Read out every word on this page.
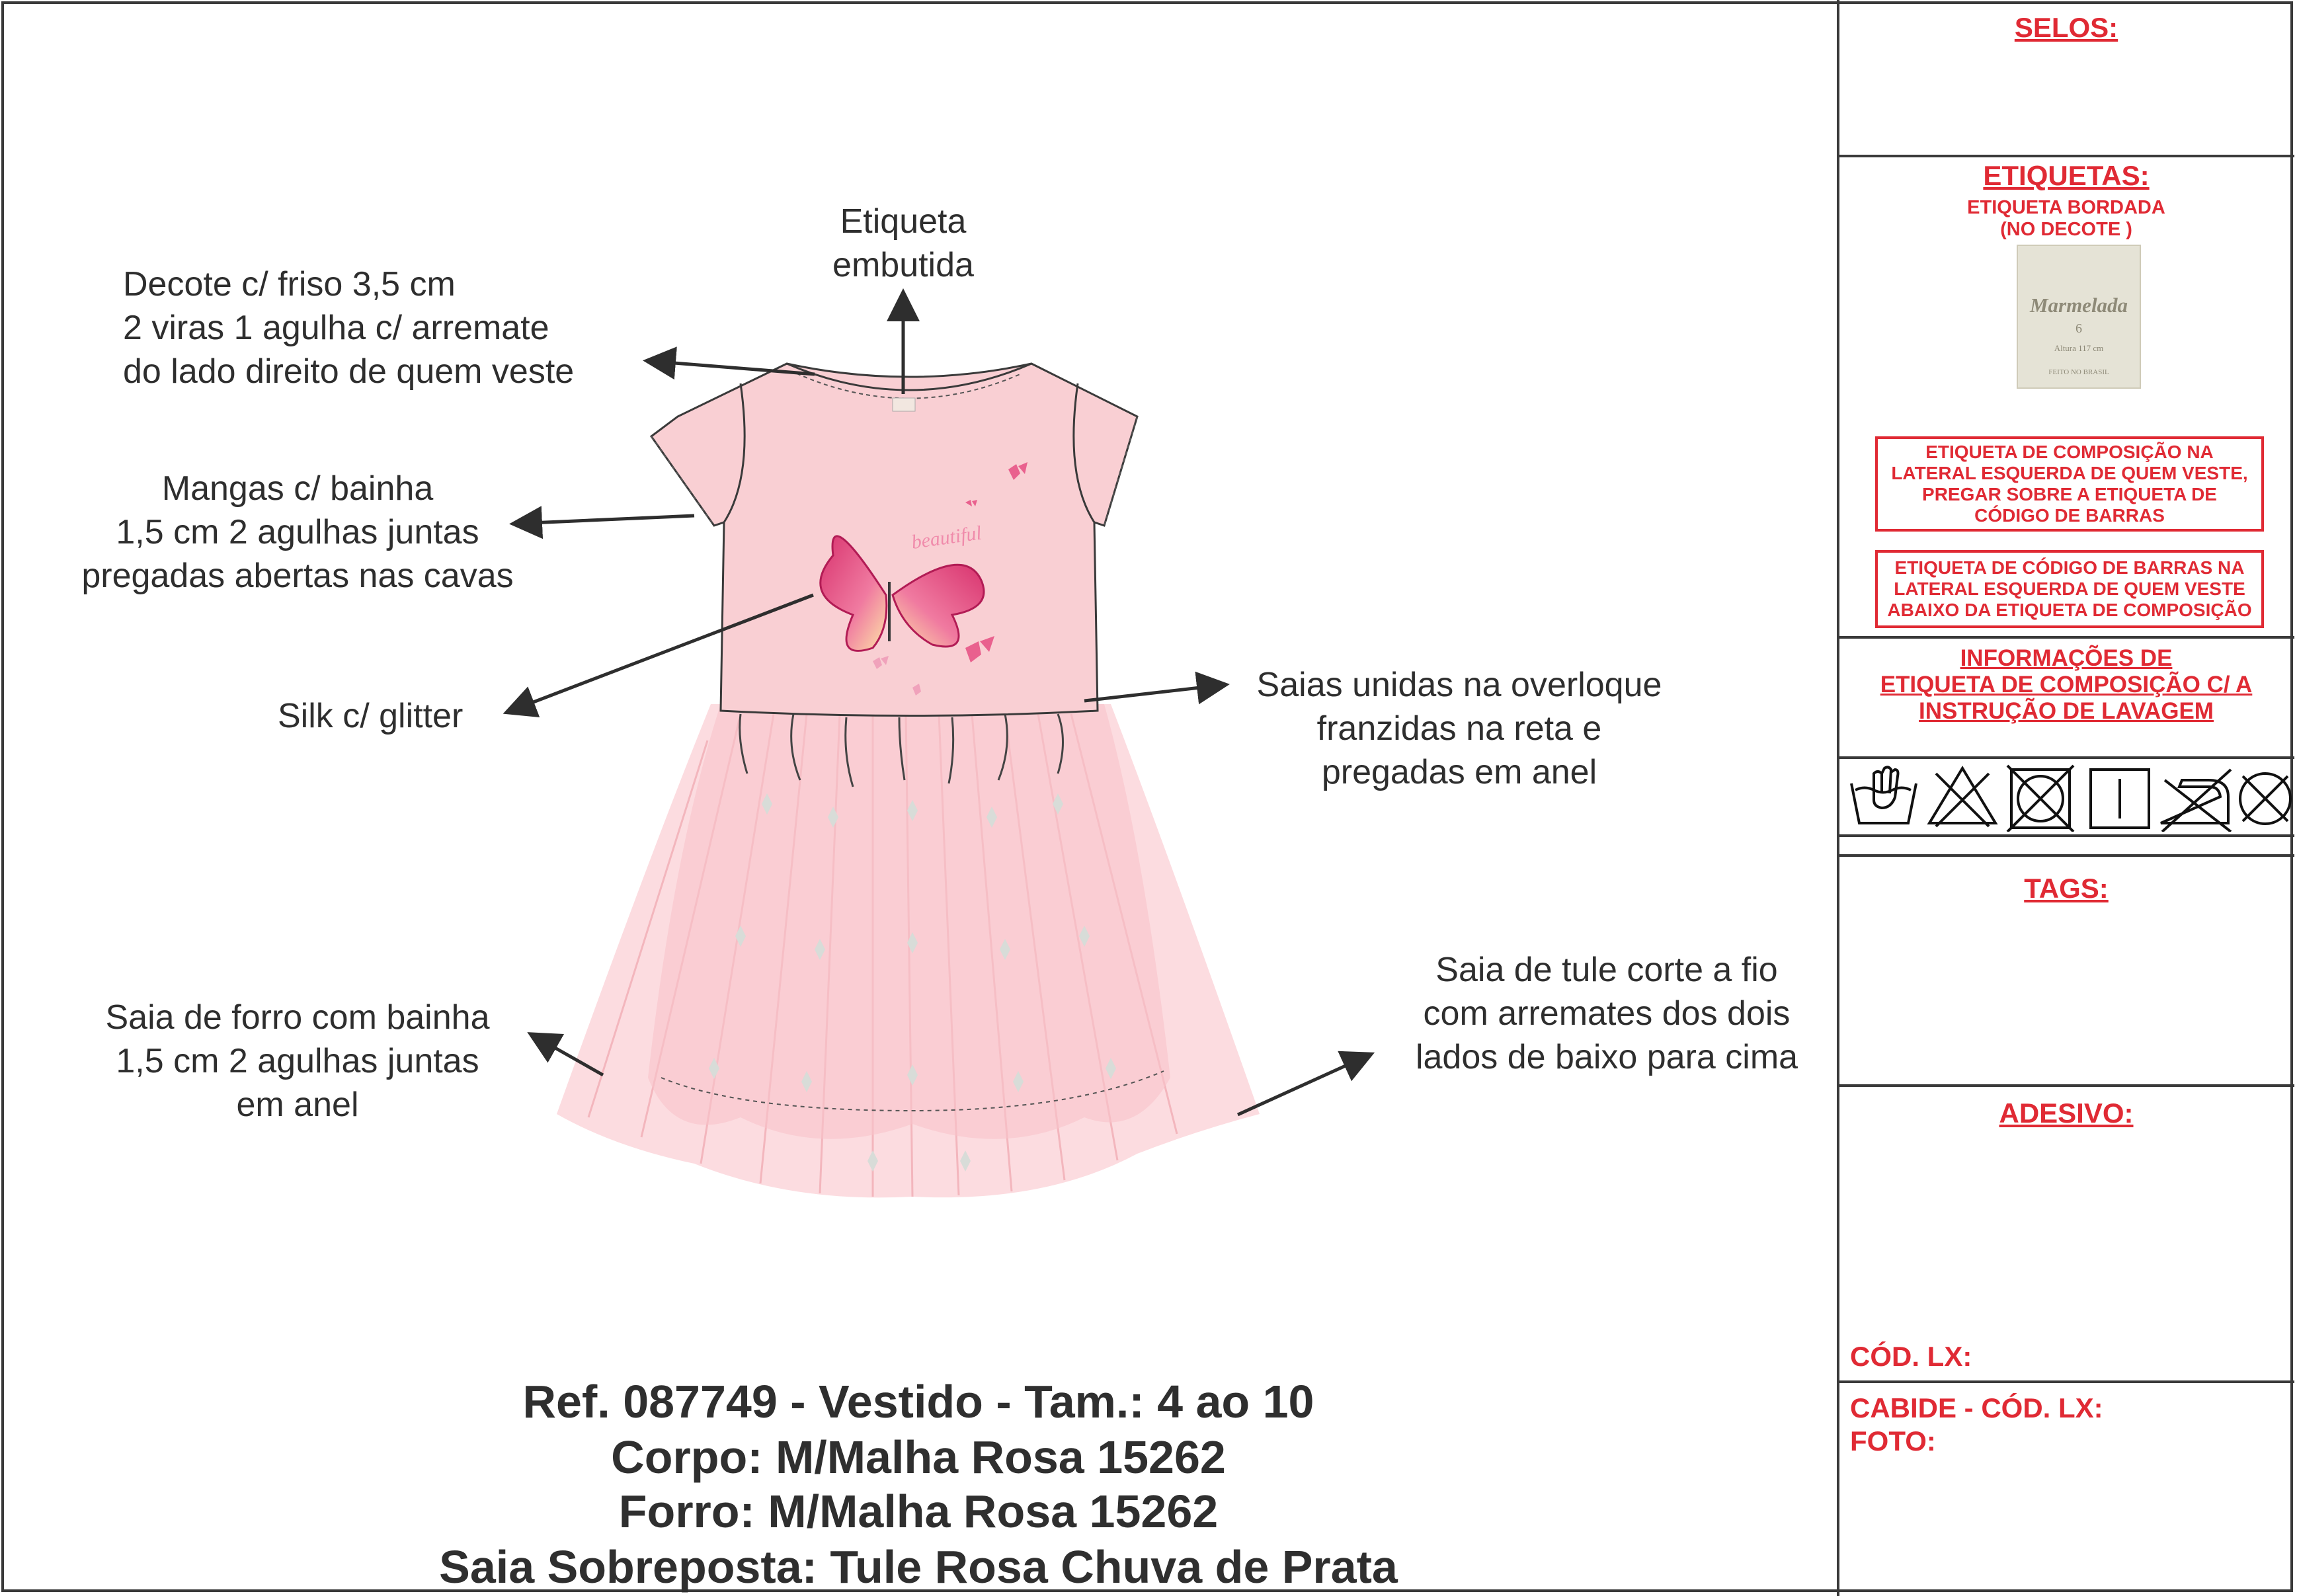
SELOS:
ETIQUETAS:
ETIQUETA BORDADA
(NO DECOTE )
Marmelada
6
Altura 117 cm
FEITO NO BRASIL
ETIQUETA DE COMPOSIÇÃO NA LATERAL ESQUERDA DE QUEM VESTE, PREGAR SOBRE A ETIQUETA DE CÓDIGO DE BARRAS
ETIQUETA DE CÓDIGO DE BARRAS NA LATERAL ESQUERDA DE QUEM VESTE ABAIXO DA ETIQUETA DE COMPOSIÇÃO
INFORMAÇÕES DE
ETIQUETA DE COMPOSIÇÃO C/ A
INSTRUÇÃO DE LAVAGEM
TAGS:
ADESIVO:
CÓD. LX:
CABIDE - CÓD. LX:
FOTO:
beautiful
Etiqueta
embutida
Decote c/ friso 3,5 cm
2 viras 1 agulha c/ arremate
do lado direito de quem veste
Mangas c/ bainha
1,5 cm 2 agulhas juntas
pregadas abertas nas cavas
Silk c/ glitter
Saias unidas na overloque
franzidas na reta e
pregadas em anel
Saia de forro com bainha
1,5 cm 2 agulhas juntas
em anel
Saia de tule corte a fio
com arremates dos dois
lados de baixo para cima
Ref. 087749 - Vestido - Tam.: 4 ao 10
Corpo: M/Malha Rosa 15262
Forro: M/Malha Rosa 15262
Saia Sobreposta: Tule Rosa Chuva de Prata
